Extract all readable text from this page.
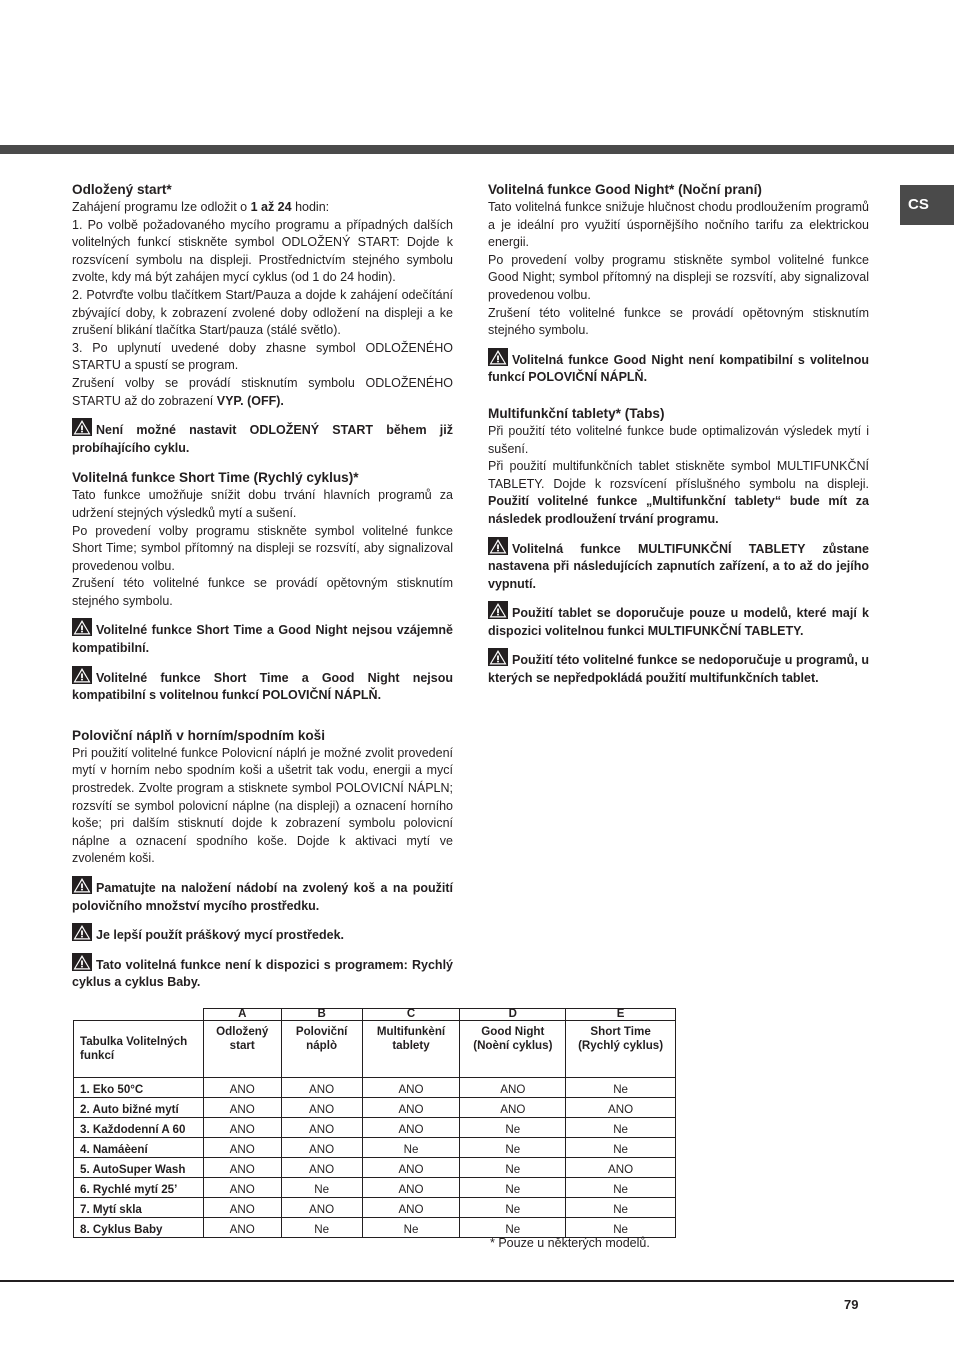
CS
Odložený start*

Zahájení programu lze odložit o 1 až 24 hodin:

1. Po volbě požadovaného mycího programu a případných dalších volitelných funkcí stiskněte symbol ODLOŽENÝ START: Dojde k rozsvícení symbolu na displeji. Prostřednictvím stejného symbolu zvolte, kdy má být zahájen mycí cyklus (od 1 do 24 hodin).

2. Potvrďte volbu tlačítkem Start/Pauza a dojde k zahájení odečítání zbývající doby, k zobrazení zvolené doby odložení na displeji a ke zrušení blikání tlačítka Start/pauza (stálé světlo).

3. Po uplynutí uvedené doby zhasne symbol ODLOŽENÉHO STARTU a spustí se program.

Zrušení volby se provádí stisknutím symbolu ODLOŽENÉHO STARTU až do zobrazení VYP. (OFF).

Není možné nastavit ODLOŽENÝ START během již probíhajícího cyklu.
Volitelná funkce Short Time (Rychlý cyklus)*

Tato funkce umožňuje snížit dobu trvání hlavních programů za udržení stejných výsledků mytí a sušení.

Po provedení volby programu stiskněte symbol volitelné funkce Short Time; symbol přítomný na displeji se rozsvítí, aby signalizoval provedenou volbu.

Zrušení této volitelné funkce se provádí opětovným stisknutím stejného symbolu.

Volitelné funkce Short Time a Good Night nejsou vzájemně kompatibilní.
Volitelné funkce Short Time a Good Night nejsou kompatibilní s volitelnou funkcí POLOVIČNÍ NÁPLŇ.
Poloviční náplň v horním/spodním koši

Pri použití volitelné funkce Polovicní náplń je možné zvolit provedení mytí v horním nebo spodním koši a ušetrit tak vodu, energii a mycí prostredek. Zvolte program a stisknete symbol POLOVICNÍ NÁPLN; rozsvítí se symbol polovicní náplne (na displeji) a oznacení horního koše; pri dalším stisknutí dojde k zobrazení symbolu polovicní náplne a oznacení spodního koše. Dojde k aktivaci mytí ve zvoleném koši.

Pamatujte na naložení nádobí na zvolený koš a na použití polovičního množství mycího prostředku.
Je lepší použít práškový mycí prostředek.
Tato volitelná funkce není k dispozici s programem: Rychlý cyklus a cyklus Baby.
Volitelná funkce Good Night* (Noční praní)

Tato volitelná funkce snižuje hlučnost chodu prodloužením programů a je ideální pro využití úspornějšího nočního tarifu za elektrickou energii.

Po provedení volby programu stiskněte symbol volitelné funkce Good Night; symbol přítomný na displeji se rozsvítí, aby signalizoval provedenou volbu.

Zrušení této volitelné funkce se provádí opětovným stisknutím stejného symbolu.

Volitelná funkce Good Night není kompatibilní s volitelnou funkcí POLOVIČNÍ NÁPLŇ.
Multifunkční tablety* (Tabs)

Při použití této volitelné funkce bude optimalizován výsledek mytí i sušení.

Při použití multifunkčních tablet stiskněte symbol MULTIFUNKČNÍ TABLETY. Dojde k rozsvícení příslušného symbolu na displeji. Použití volitelné funkce „Multifunkční tablety“ bude mít za následek prodloužení trvání programu.

Volitelná funkce MULTIFUNKČNÍ TABLETY zůstane nastavena při následujících zapnutích zařízení, a to až do jejího vypnutí.
Použití tablet se doporučuje pouze u modelů, které mají k dispozici volitelnou funkci MULTIFUNKČNÍ TABLETY.
Použití této volitelné funkce se nedoporučuje u programů, u kterých se nepředpokládá použití multifunkčních tablet.
	A	B	C	D	E
Tabulka Volitelných funkcí	Odložený start	Poloviční náplò	Multifunkèní tablety	Good Night (Noèní cyklus)	Short Time (Rychlý cyklus)
1. Eko 50°C	ANO	ANO	ANO	ANO	Ne
2. Auto bižné mytí	ANO	ANO	ANO	ANO	ANO
3. Každodenní A 60	ANO	ANO	ANO	Ne	Ne
4. Namáèení	ANO	ANO	Ne	Ne	Ne
5. AutoSuper Wash	ANO	ANO	ANO	Ne	ANO
6. Rychlé mytí 25’	ANO	Ne	ANO	Ne	Ne
7. Mytí skla	ANO	ANO	ANO	Ne	Ne
8. Cyklus Baby	ANO	Ne	Ne	Ne	Ne
* Pouze u některých modelů.
79
